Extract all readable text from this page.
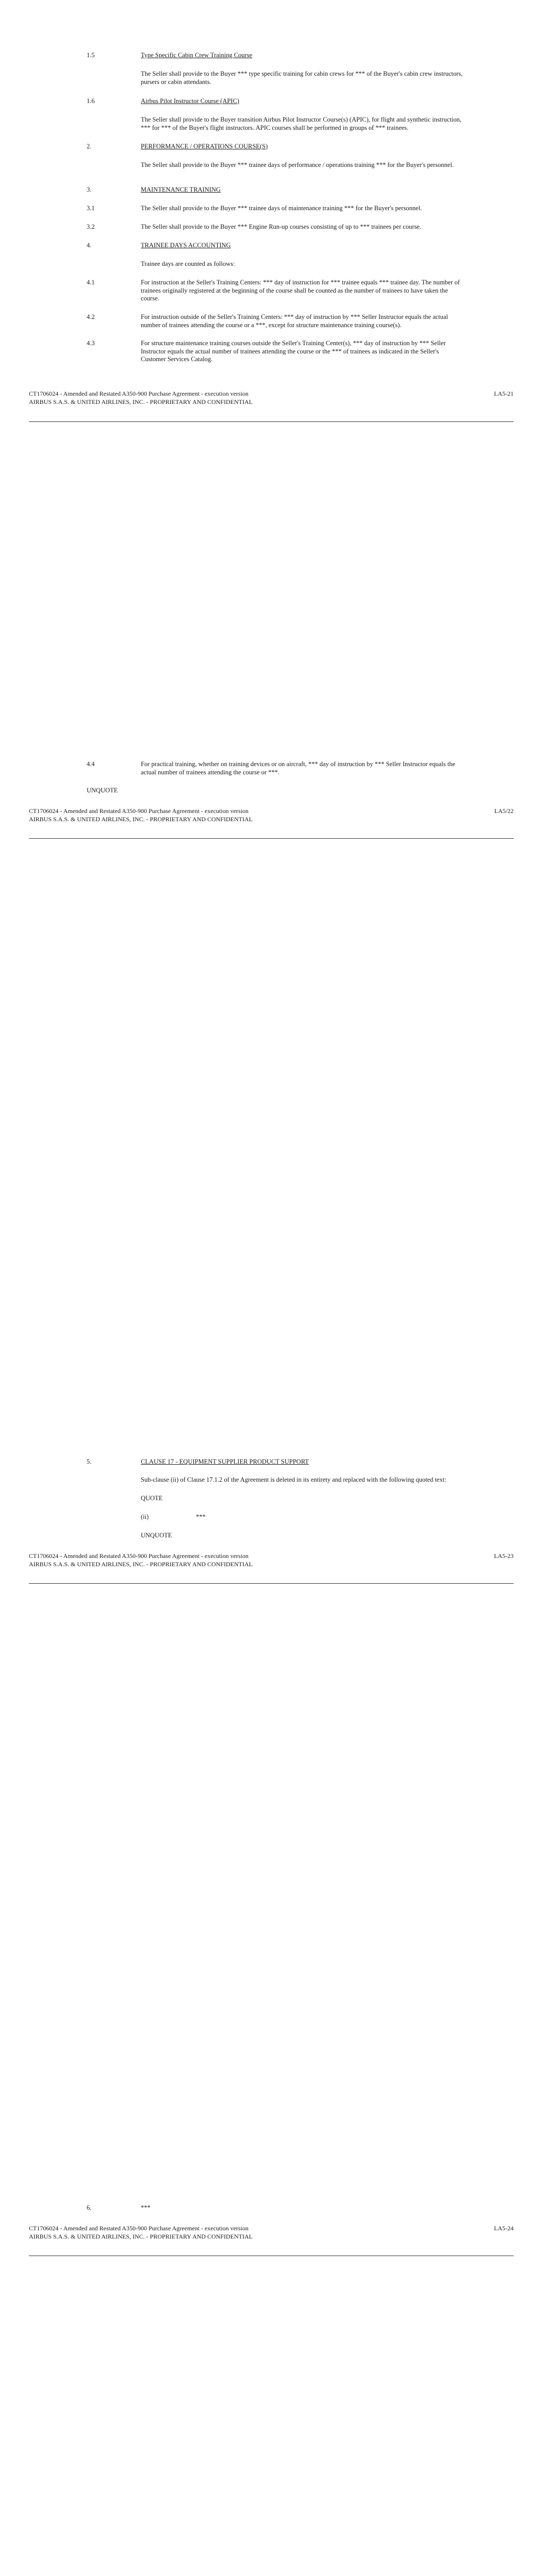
1.5	Type Specific Cabin Crew Training Course
The Seller shall provide to the Buyer *** type specific training for cabin crews for *** of the Buyer's cabin crew instructors, pursers or cabin attendants.
1.6	Airbus Pilot Instructor Course (APIC)
The Seller shall provide to the Buyer transition Airbus Pilot Instructor Course(s) (APIC), for flight and synthetic instruction, *** for *** of the Buyer's flight instructors. APIC courses shall be performed in groups of *** trainees.
2.	PERFORMANCE / OPERATIONS COURSE(S)
The Seller shall provide to the Buyer *** trainee days of performance / operations training *** for the Buyer's personnel.
3.	MAINTENANCE TRAINING
3.1	The Seller shall provide to the Buyer *** trainee days of maintenance training *** for the Buyer's personnel.
3.2	The Seller shall provide to the Buyer *** Engine Run-up courses consisting of up to *** trainees per course.
4.	TRAINEE DAYS ACCOUNTING
Trainee days are counted as follows:
4.1	For instruction at the Seller's Training Centers: *** day of instruction for *** trainee equals *** trainee day. The number of trainees originally registered at the beginning of the course shall be counted as the number of trainees to have taken the course.
4.2	For instruction outside of the Seller's Training Centers: *** day of instruction by *** Seller Instructor equals the actual number of trainees attending the course or a ***, except for structure maintenance training course(s).
4.3	For structure maintenance training courses outside the Seller's Training Center(s), *** day of instruction by *** Seller Instructor equals the actual number of trainees attending the course or the *** of trainees as indicated in the Seller's Customer Services Catalog.
CT1706024 - Amended and Restated A350-900 Purchase Agreement - execution version
AIRBUS S.A.S. & UNITED AIRLINES, INC. - PROPRIETARY AND CONFIDENTIAL
LA5-21
4.4	For practical training, whether on training devices or on aircraft, *** day of instruction by *** Seller Instructor equals the actual number of trainees attending the course or ***.
UNQUOTE
CT1706024 - Amended and Restated A350-900 Purchase Agreement - execution version
AIRBUS S.A.S. & UNITED AIRLINES, INC. - PROPRIETARY AND CONFIDENTIAL
LA5/22
5.	CLAUSE 17 - EQUIPMENT SUPPLIER PRODUCT SUPPORT
Sub-clause (ii) of Clause 17.1.2 of the Agreement is deleted in its entirety and replaced with the following quoted text:
QUOTE
(ii)	***
UNQUOTE
CT1706024 - Amended and Restated A350-900 Purchase Agreement - execution version
AIRBUS S.A.S. & UNITED AIRLINES, INC. - PROPRIETARY AND CONFIDENTIAL
LA5-23
6.	***
CT1706024 - Amended and Restated A350-900 Purchase Agreement - execution version
AIRBUS S.A.S. & UNITED AIRLINES, INC. - PROPRIETARY AND CONFIDENTIAL
LA5-24
